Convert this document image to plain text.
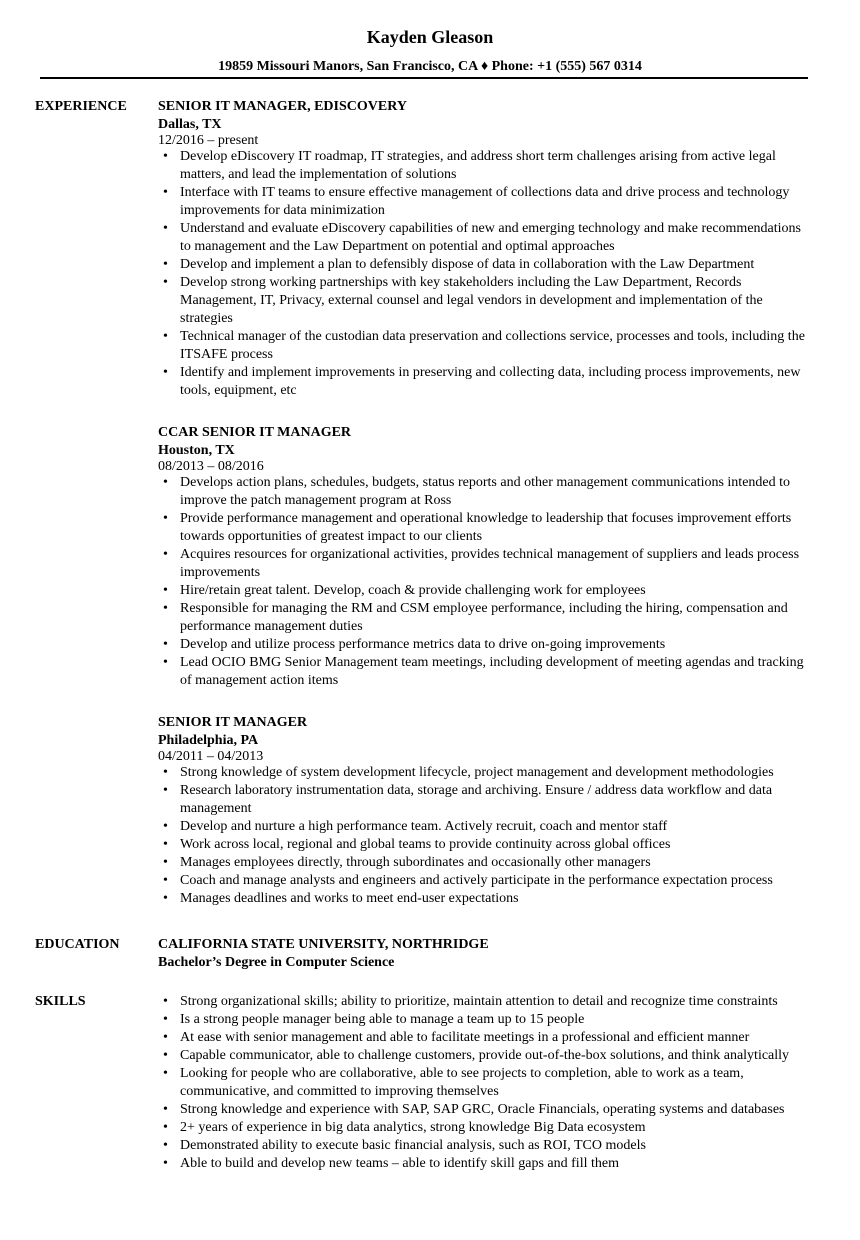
Kayden Gleason
19859 Missouri Manors, San Francisco, CA ♦ Phone: +1 (555) 567 0314
EXPERIENCE	SENIOR IT MANAGER, EDISCOVERY
Dallas, TX
12/2016 – present
• Develop eDiscovery IT roadmap, IT strategies, and address short term challenges arising from active legal matters, and lead the implementation of solutions
• Interface with IT teams to ensure effective management of collections data and drive process and technology improvements for data minimization
• Understand and evaluate eDiscovery capabilities of new and emerging technology and make recommendations to management and the Law Department on potential and optimal approaches
• Develop and implement a plan to defensibly dispose of data in collaboration with the Law Department
• Develop strong working partnerships with key stakeholders including the Law Department, Records Management, IT, Privacy, external counsel and legal vendors in development and implementation of the strategies
• Technical manager of the custodian data preservation and collections service, processes and tools, including the ITSAFE process
• Identify and implement improvements in preserving and collecting data, including process improvements, new tools, equipment, etc
CCAR SENIOR IT MANAGER
Houston, TX
08/2013 – 08/2016
• Develops action plans, schedules, budgets, status reports and other management communications intended to improve the patch management program at Ross
• Provide performance management and operational knowledge to leadership that focuses improvement efforts towards opportunities of greatest impact to our clients
• Acquires resources for organizational activities, provides technical management of suppliers and leads process improvements
• Hire/retain great talent. Develop, coach & provide challenging work for employees
• Responsible for managing the RM and CSM employee performance, including the hiring, compensation and performance management duties
• Develop and utilize process performance metrics data to drive on-going improvements
• Lead OCIO BMG Senior Management team meetings, including development of meeting agendas and tracking of management action items
SENIOR IT MANAGER
Philadelphia, PA
04/2011 – 04/2013
• Strong knowledge of system development lifecycle, project management and development methodologies
• Research laboratory instrumentation data, storage and archiving. Ensure / address data workflow and data management
• Develop and nurture a high performance team. Actively recruit, coach and mentor staff
• Work across local, regional and global teams to provide continuity across global offices
• Manages employees directly, through subordinates and occasionally other managers
• Coach and manage analysts and engineers and actively participate in the performance expectation process
• Manages deadlines and works to meet end-user expectations
EDUCATION	CALIFORNIA STATE UNIVERSITY, NORTHRIDGE
Bachelor’s Degree in Computer Science
SKILLS	• Strong organizational skills; ability to prioritize, maintain attention to detail and recognize time constraints
• Is a strong people manager being able to manage a team up to 15 people
• At ease with senior management and able to facilitate meetings in a professional and efficient manner
• Capable communicator, able to challenge customers, provide out-of-the-box solutions, and think analytically
• Looking for people who are collaborative, able to see projects to completion, able to work as a team, communicative, and committed to improving themselves
• Strong knowledge and experience with SAP, SAP GRC, Oracle Financials, operating systems and databases
• 2+ years of experience in big data analytics, strong knowledge Big Data ecosystem
• Demonstrated ability to execute basic financial analysis, such as ROI, TCO models
• Able to build and develop new teams – able to identify skill gaps and fill them
